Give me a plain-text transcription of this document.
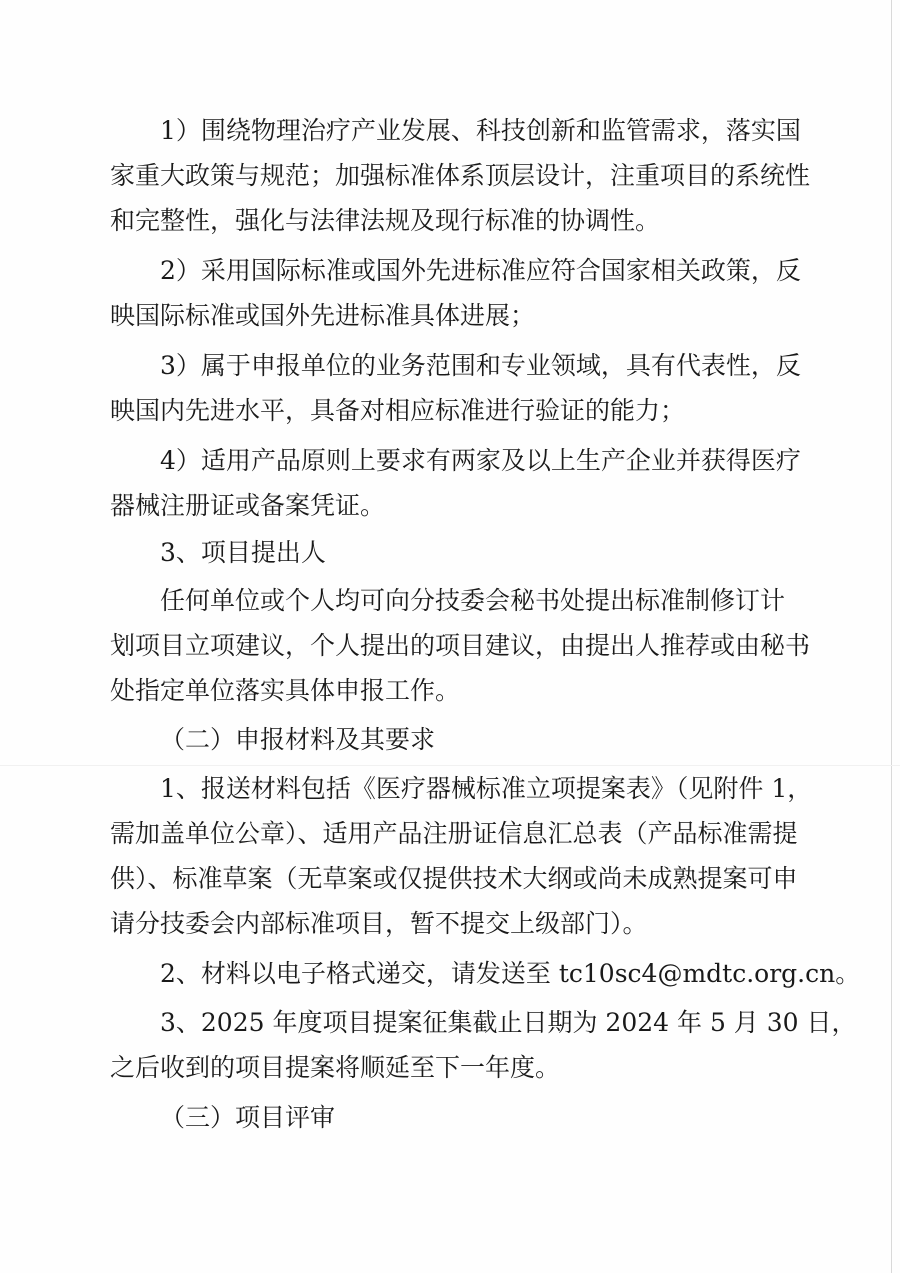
1）围绕物理治疗产业发展、科技创新和监管需求，落实国
家重大政策与规范；加强标准体系顶层设计，注重项目的系统性
和完整性，强化与法律法规及现行标准的协调性。
2）采用国际标准或国外先进标准应符合国家相关政策，反
映国际标准或国外先进标准具体进展；
3）属于申报单位的业务范围和专业领域，具有代表性，反
映国内先进水平，具备对相应标准进行验证的能力；
4）适用产品原则上要求有两家及以上生产企业并获得医疗
器械注册证或备案凭证。
3、项目提出人
任何单位或个人均可向分技委会秘书处提出标准制修订计
划项目立项建议，个人提出的项目建议，由提出人推荐或由秘书
处指定单位落实具体申报工作。
（二）申报材料及其要求
1、报送材料包括《医疗器械标准立项提案表》（见附件 1，
需加盖单位公章）、适用产品注册证信息汇总表（产品标准需提
供）、标准草案（无草案或仅提供技术大纲或尚未成熟提案可申
请分技委会内部标准项目，暂不提交上级部门）。
2、材料以电子格式递交，请发送至 tc10sc4@mdtc.org.cn。
3、2025 年度项目提案征集截止日期为 2024 年 5 月 30 日，
之后收到的项目提案将顺延至下一年度。
（三）项目评审
